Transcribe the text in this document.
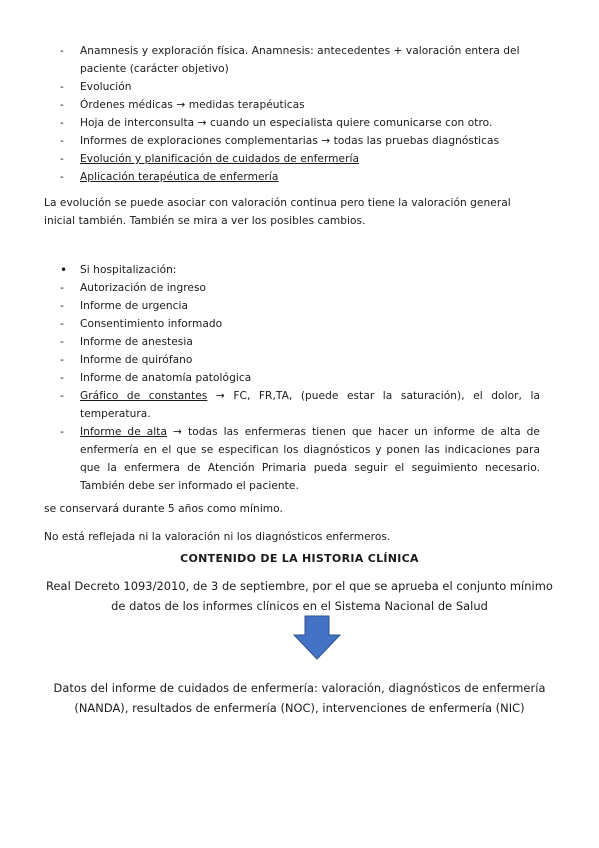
- Anamnesis y exploración física. Anamnesis: antecedentes + valoración entera del paciente (carácter objetivo)
- Evolución
- Órdenes médicas → medidas terapéuticas
- Hoja de interconsulta → cuando un especialista quiere comunicarse con otro.
- Informes de exploraciones complementarias → todas las pruebas diagnósticas
- Evolución y planificación de cuidados de enfermería
- Aplicación terapéutica de enfermería
La evolución se puede asociar con valoración continua pero tiene la valoración general inicial también. También se mira a ver los posibles cambios.
• Si hospitalización:
- Autorización de ingreso
- Informe de urgencia
- Consentimiento informado
- Informe de anestesia
- Informe de quirófano
- Informe de anatomía patológica
- Gráfico de constantes → FC, FR,TA, (puede estar la saturación), el dolor, la temperatura.
- Informe de alta → todas las enfermeras tienen que hacer un informe de alta de enfermería en el que se especifican los diagnósticos y ponen las indicaciones para que la enfermera de Atención Primaria pueda seguir el seguimiento necesario. También debe ser informado el paciente.
se conservará durante 5 años como mínimo.
No está reflejada ni la valoración ni los diagnósticos enfermeros.
CONTENIDO DE LA HISTORIA CLÍNICA
Real Decreto 1093/2010, de 3 de septiembre, por el que se aprueba el conjunto mínimo de datos de los informes clínicos en el Sistema Nacional de Salud
Datos del informe de cuidados de enfermería: valoración, diagnósticos de enfermería (NANDA), resultados de enfermería (NOC), intervenciones de enfermería (NIC)
